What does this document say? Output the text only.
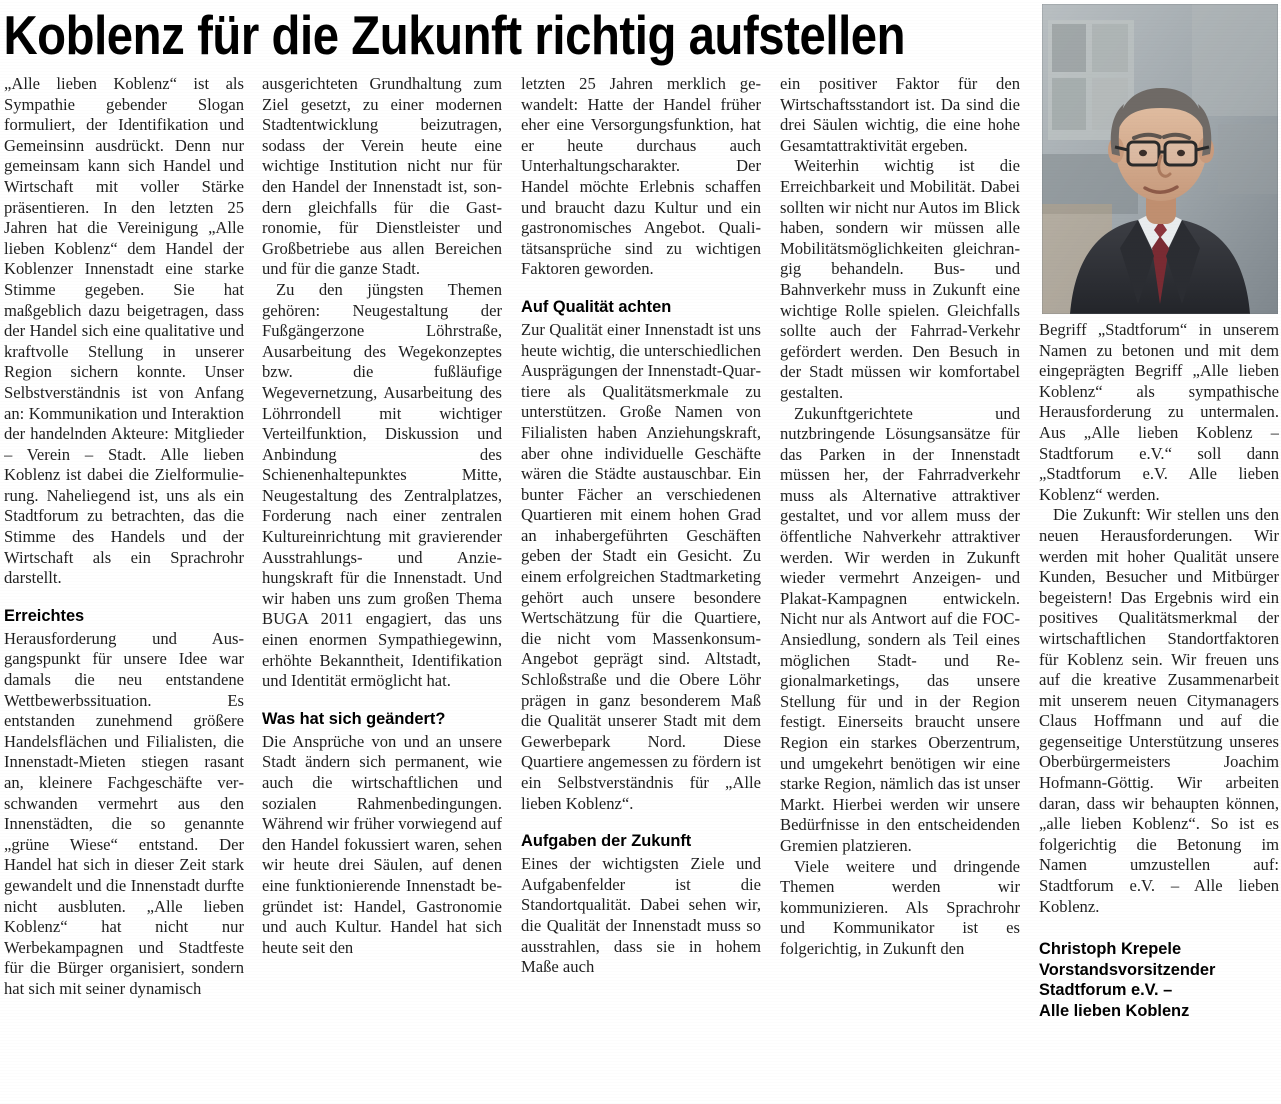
Koblenz für die Zukunft richtig aufstellen

„Alle lieben Koblenz“ ist als Sympathie gebender Slogan formuliert, der Identifikation und Gemeinsinn ausdrückt. Denn nur gemeinsam kann sich Handel und Wirtschaft mit voller Stärke präsentieren. In den letzten 25 Jahren hat die Vereinigung „Alle lieben Koblenz“ dem Handel der Koblenzer Innenstadt eine starke Stimme gegeben. Sie hat maßgeblich dazu beigetragen, dass der Handel sich eine qualitative und kraftvolle Stellung in unserer Region sichern konnte. Unser Selbstverständnis ist von Anfang an: Kommunikation und Interaktion der handelnden Akteure: Mitglieder – Verein – Stadt. Alle lieben Koblenz ist dabei die Zielformulierung. Naheliegend ist, uns als ein Stadtforum zu betrachten, das die Stimme des Handels und der Wirtschaft als ein Sprachrohr darstellt.

Erreichtes

Herausforderung und Ausgangspunkt für unsere Idee war damals die neu entstandene Wettbewerbssituation. Es entstanden zunehmend größere Handelsflächen und Filialisten, die Innenstadt-Mieten stiegen rasant an, kleinere Fachgeschäfte verschwanden vermehrt aus den Innenstädten, die so genannte „grüne Wiese“ entstand. Der Handel hat sich in dieser Zeit stark gewandelt und die Innenstadt durfte nicht ausbluten. „Alle lieben Koblenz“ hat nicht nur Werbekampagnen und Stadtfeste für die Bürger organisiert, sondern hat sich mit seiner dynamisch

ausgerichteten Grundhaltung zum Ziel gesetzt, zu einer modernen Stadtentwicklung beizutragen, sodass der Verein heute eine wichtige Institution nicht nur für den Handel der Innenstadt ist, sondern gleichfalls für die Gastronomie, für Dienstleister und Großbetriebe aus allen Bereichen und für die ganze Stadt.

Zu den jüngsten Themen gehören: Neugestaltung der Fußgängerzone Löhrstraße, Ausarbeitung des Wegekonzeptes bzw. die fußläufige Wegevernetzung, Ausarbeitung des Löhrrondell mit wichtiger Verteilfunktion, Diskussion und Anbindung des Schienenhaltepunktes Mitte, Neugestaltung des Zentralplatzes, Forderung nach einer zentralen Kultureinrichtung mit gravierender Ausstrahlungs- und Anziehungskraft für die Innenstadt. Und wir haben uns zum großen Thema BUGA 2011 engagiert, das uns einen enormen Sympathiegewinn, erhöhte Bekanntheit, Identifikation und Identität ermöglicht hat.

Was hat sich geändert?

Die Ansprüche von und an unsere Stadt ändern sich permanent, wie auch die wirtschaftlichen und sozialen Rahmenbedingungen. Während wir früher vorwiegend auf den Handel fokussiert waren, sehen wir heute drei Säulen, auf denen eine funktionierende Innenstadt begründet ist: Handel, Gastronomie und auch Kultur. Handel hat sich heute seit den

letzten 25 Jahren merklich gewandelt: Hatte der Handel früher eher eine Versorgungsfunktion, hat er heute durchaus auch Unterhaltungscharakter. Der Handel möchte Erlebnis schaffen und braucht dazu Kultur und ein gastronomisches Angebot. Qualitätsansprüche sind zu wichtigen Faktoren geworden.

Auf Qualität achten

Zur Qualität einer Innenstadt ist uns heute wichtig, die unterschiedlichen Ausprägungen der Innenstadt-Quartiere als Qualitätsmerkmale zu unterstützen. Große Namen von Filialisten haben Anziehungskraft, aber ohne individuelle Geschäfte wären die Städte austauschbar. Ein bunter Fächer an verschiedenen Quartieren mit einem hohen Grad an inhabergeführten Geschäften geben der Stadt ein Gesicht. Zu einem erfolgreichen Stadtmarketing gehört auch unsere besondere Wertschätzung für die Quartiere, die nicht vom Massenkonsum-Angebot geprägt sind. Altstadt, Schloßstraße und die Obere Löhr prägen in ganz besonderem Maß die Qualität unserer Stadt mit dem Gewerbepark Nord. Diese Quartiere angemessen zu fördern ist ein Selbstverständnis für „Alle lieben Koblenz“.

Aufgaben der Zukunft

Eines der wichtigsten Ziele und Aufgabenfelder ist die Standortqualität. Dabei sehen wir, die Qualität der Innenstadt muss so ausstrahlen, dass sie in hohem Maße auch

ein positiver Faktor für den Wirtschaftsstandort ist. Da sind die drei Säulen wichtig, die eine hohe Gesamtattraktivität ergeben.

Weiterhin wichtig ist die Erreichbarkeit und Mobilität. Dabei sollten wir nicht nur Autos im Blick haben, sondern wir müssen alle Mobilitätsmöglichkeiten gleichrangig behandeln. Bus- und Bahnverkehr muss in Zukunft eine wichtige Rolle spielen. Gleichfalls sollte auch der Fahrrad-Verkehr gefördert werden. Den Besuch in der Stadt müssen wir komfortabel gestalten.

Zukunftgerichtete und nutzbringende Lösungsansätze für das Parken in der Innenstadt müssen her, der Fahrradverkehr muss als Alternative attraktiver gestaltet, und vor allem muss der öffentliche Nahverkehr attraktiver werden. Wir werden in Zukunft wieder vermehrt Anzeigen- und Plakat-Kampagnen entwickeln. Nicht nur als Antwort auf die FOC-Ansiedlung, sondern als Teil eines möglichen Stadt- und Regionalmarketings, das unsere Stellung für und in der Region festigt. Einerseits braucht unsere Region ein starkes Oberzentrum, und umgekehrt benötigen wir eine starke Region, nämlich das ist unser Markt. Hierbei werden wir unsere Bedürfnisse in den entscheidenden Gremien platzieren.

Viele weitere und dringende Themen werden wir kommunizieren. Als Sprachrohr und Kommunikator ist es folgerichtig, in Zukunft den

Begriff „Stadtforum“ in unserem Namen zu betonen und mit dem eingeprägten Begriff „Alle lieben Koblenz“ als sympathische Herausforderung zu untermalen. Aus „Alle lieben Koblenz – Stadtforum e.V.“ soll dann „Stadtforum e.V. Alle lieben Koblenz“ werden.

Die Zukunft: Wir stellen uns den neuen Herausforderungen. Wir werden mit hoher Qualität unsere Kunden, Besucher und Mitbürger begeistern! Das Ergebnis wird ein positives Qualitätsmerkmal der wirtschaftlichen Standortfaktoren für Koblenz sein. Wir freuen uns auf die kreative Zusammenarbeit mit unserem neuen Citymanagers Claus Hoffmann und auf die gegenseitige Unterstützung unseres Oberbürgermeisters Joachim Hofmann-Göttig. Wir arbeiten daran, dass wir behaupten können, „alle lieben Koblenz“. So ist es folgerichtig die Betonung im Namen umzustellen auf: Stadtforum e.V. – Alle lieben Koblenz.

Christoph Krepele
Vorstandsvorsitzender
Stadtforum e.V. –
Alle lieben Koblenz
